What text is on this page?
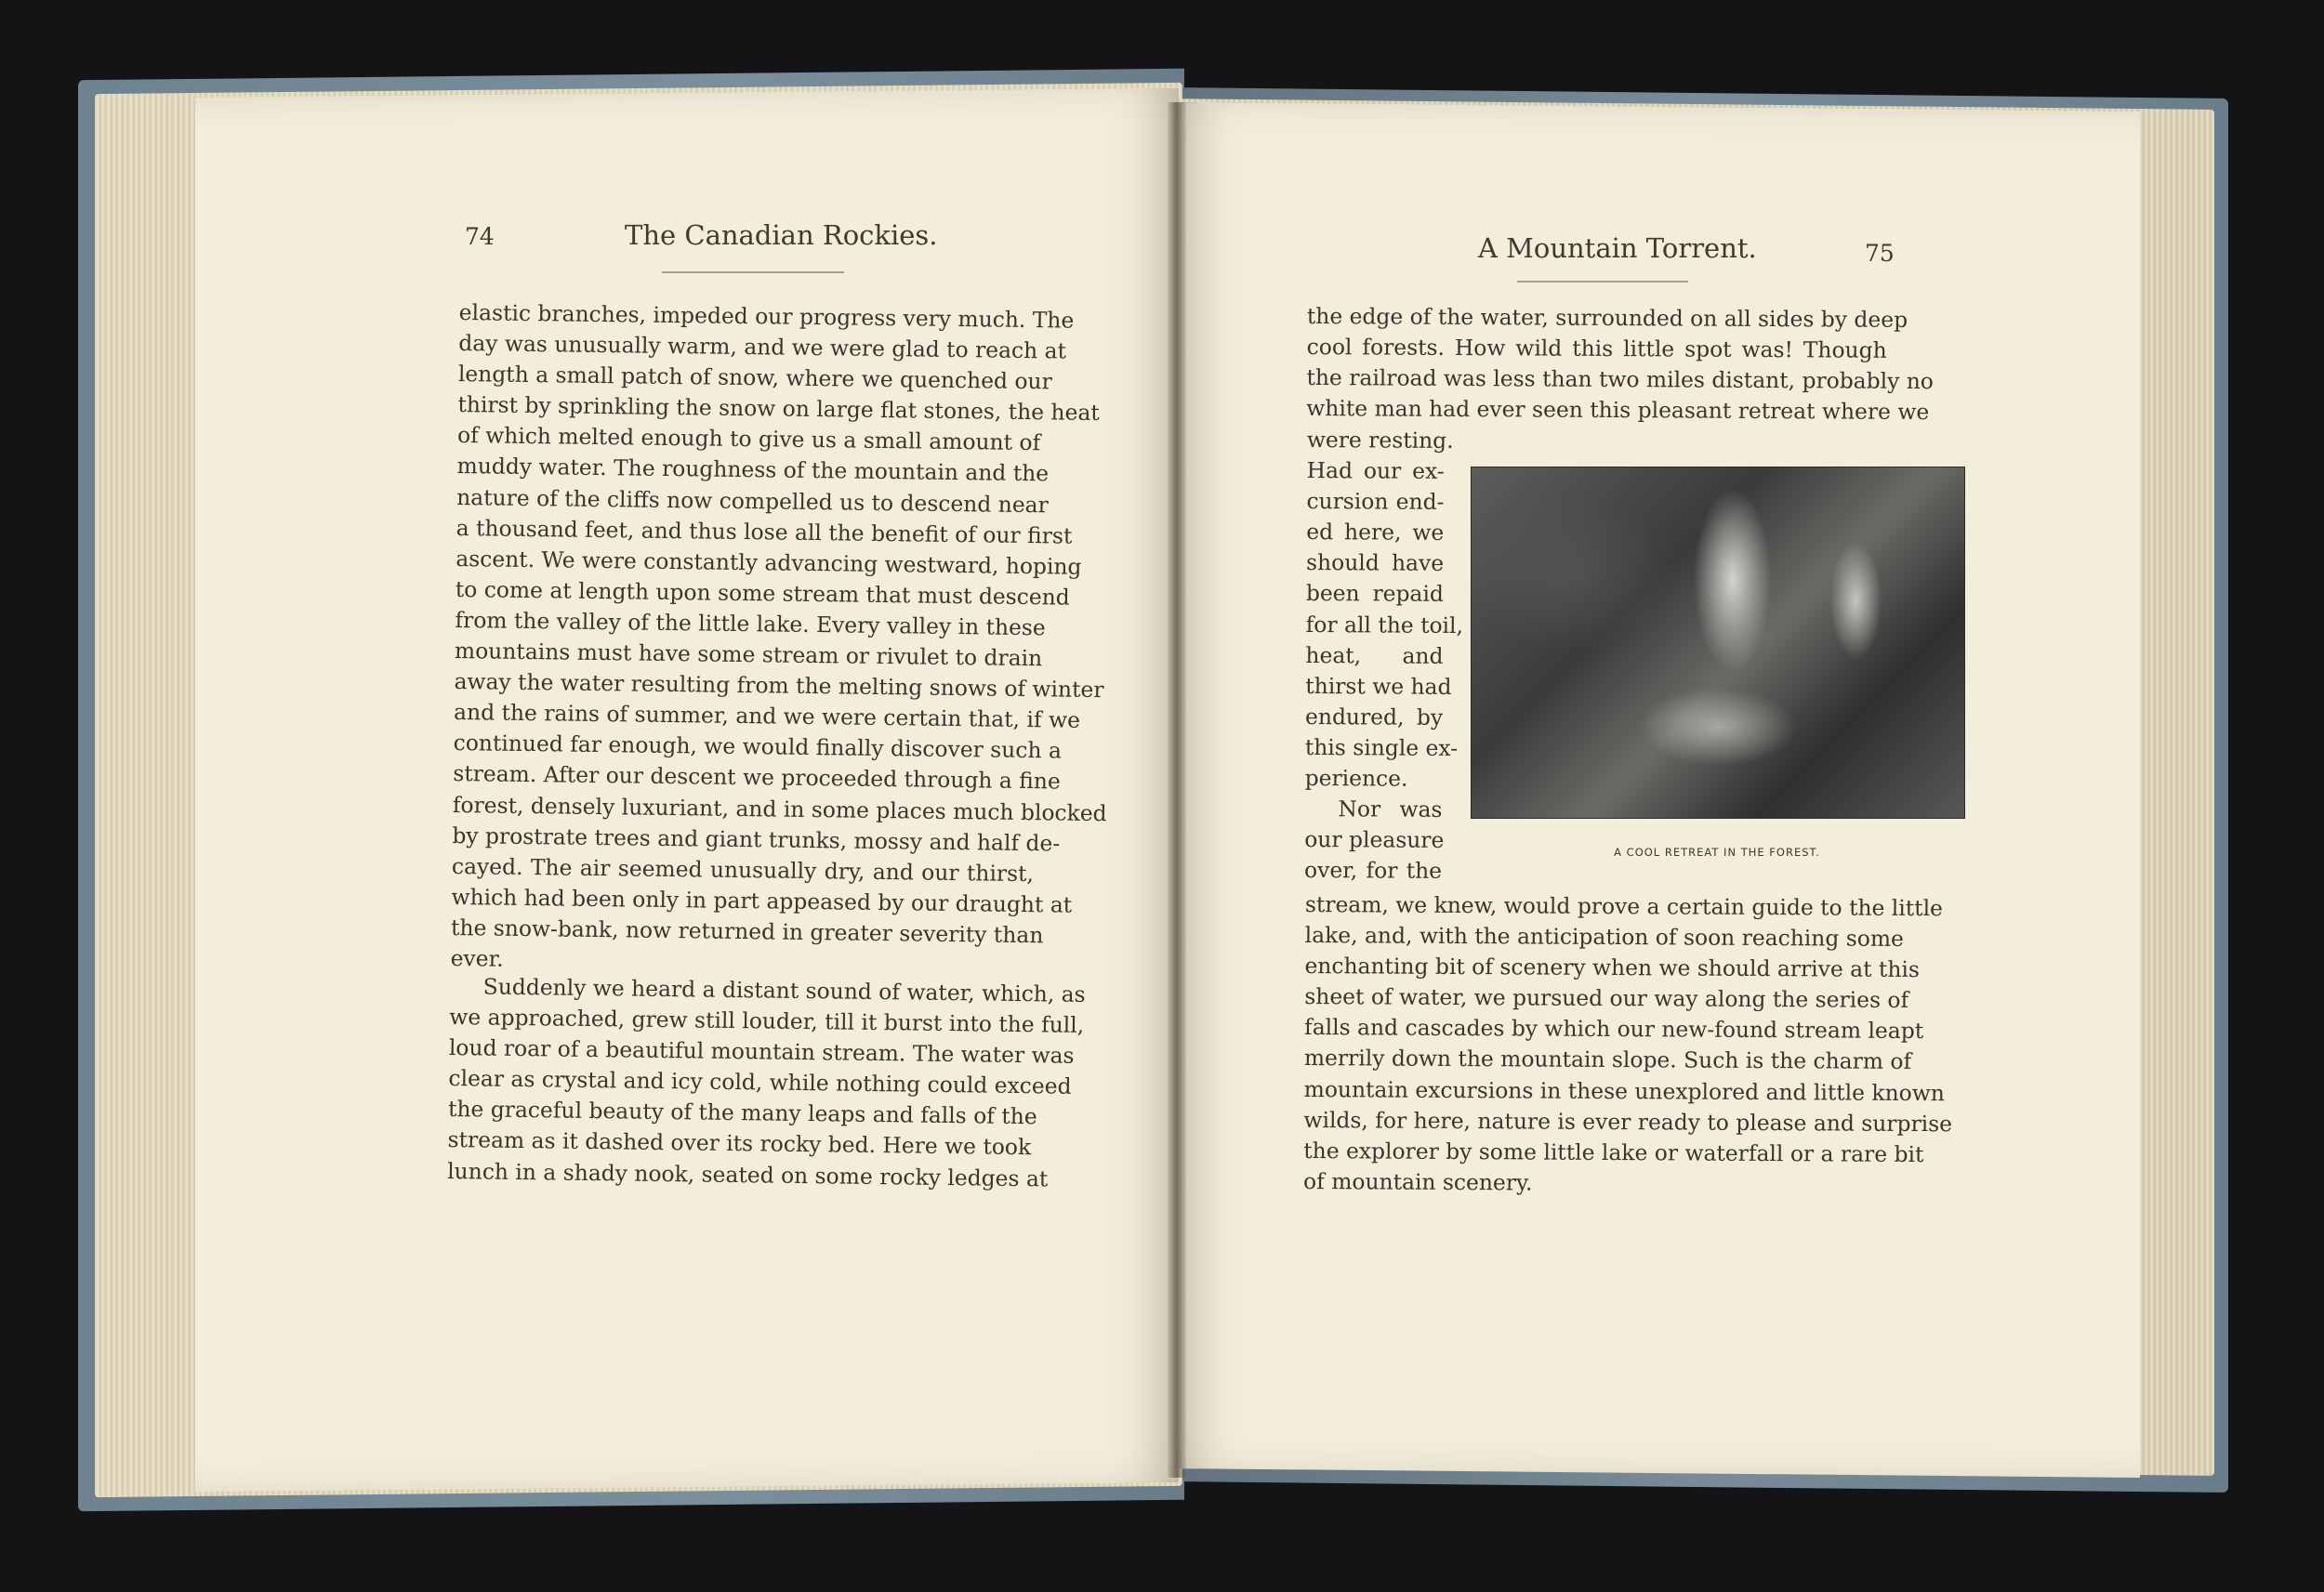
74	The Canadian Rockies.
elastic branches, impeded our progress very much. The
day was unusually warm, and we were glad to reach at
length a small patch of snow, where we quenched our
thirst by sprinkling the snow on large flat stones, the heat
of which melted enough to give us a small amount of
muddy water. The roughness of the mountain and the
nature of the cliffs now compelled us to descend near
a thousand feet, and thus lose all the benefit of our first
ascent. We were constantly advancing westward, hoping
to come at length upon some stream that must descend
from the valley of the little lake. Every valley in these
mountains must have some stream or rivulet to drain
away the water resulting from the melting snows of winter
and the rains of summer, and we were certain that, if we
continued far enough, we would finally discover such a
stream. After our descent we proceeded through a fine
forest, densely luxuriant, and in some places much blocked
by prostrate trees and giant trunks, mossy and half de-
cayed. The air seemed unusually dry, and our thirst,
which had been only in part appeased by our draught at
the snow-bank, now returned in greater severity than
ever.
Suddenly we heard a distant sound of water, which, as
we approached, grew still louder, till it burst into the full,
loud roar of a beautiful mountain stream. The water was
clear as crystal and icy cold, while nothing could exceed
the graceful beauty of the many leaps and falls of the
stream as it dashed over its rocky bed. Here we took
lunch in a shady nook, seated on some rocky ledges at
A Mountain Torrent.	75
the edge of the water, surrounded on all sides by deep
cool forests. How wild this little spot was! Though
the railroad was less than two miles distant, probably no
white man had ever seen this pleasant retreat where we
were resting.
Had our ex-
cursion end-
ed here, we
should have
been repaid
for all the toil,
heat, and
thirst we had
endured, by
this single ex-
perience.
Nor was
our pleasure
over, for the
A COOL RETREAT IN THE FOREST.
stream, we knew, would prove a certain guide to the little
lake, and, with the anticipation of soon reaching some
enchanting bit of scenery when we should arrive at this
sheet of water, we pursued our way along the series of
falls and cascades by which our new-found stream leapt
merrily down the mountain slope. Such is the charm of
mountain excursions in these unexplored and little known
wilds, for here, nature is ever ready to please and surprise
the explorer by some little lake or waterfall or a rare bit
of mountain scenery.
